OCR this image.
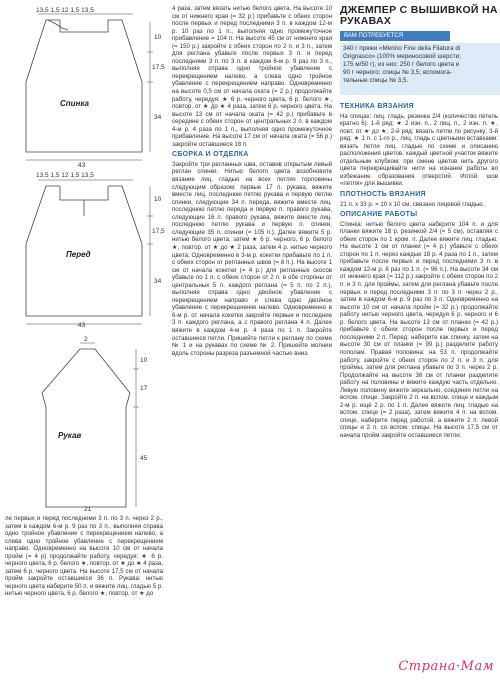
13,5 1,5 12 1,5 13,5
10
17,5
34
Спинка
43
13,5 1,5 12 1,5 13,5
10
17,5
34
Перед
43
2
10
17
45
Рукав
21

ле первых и перед последними 3 п. по 3 п. через 2 р., затем в каждом 6-м р. 9 раз по 3 п., выполняя справа одно тройное убавление с перекрещением налево, а слева одно тройное убавление с перекрещением направо. Одновременно на высоте 10 см от начала пройм (= 4 р) продолжайте работу, чередуя: ★ 6 р. черного цвета, 6 р. белого ★, повтор. от ★ до ★ 4 раза, затем 6 р. черного цвета. На высоте 17,5 см от начала пройм закройте оставшиеся 36 п. Рукава: нитью черного цвета наберите 50 п. и вяжите лиц. гладью 5 р. нитью черного цвета, 6 р. белого ★, повтор. от ★ до

4 раза, затем вязать нитью белого цвета. На высоте 10 см от нижнего края (= 32 р.) прибавьте с обеих сторон после первых и перед последними 3 п. в каждом 12-м р. 10 раз по 1 п., выполняя одно промежуточное прибавление = 104 п. На высоте 45 см от нижнего края (= 150 р.) закройте с обеих сторон по 2 п. и 3 п., затем для реглана убавьте после первых 3 п. и перед последними 3 п. по 3 п. в каждом 6-м р. 9 раз по 3 п., выполняя справа одно тройное убавление с перекрещением налево, а слева одно тройное убавление с перекрещением направо. Одновременно на высоте 0,5 см от начала оката (= 2 р.) продолжайте работу, чередуя: ★ 6 р. черного цвета, 6 р. белого ★, повтор. от ★ до ★ 4 раза, затем 6 р. черного цвета. На высоте 13 см от начала оката (= 42 р.) прибавьте в середине с обеих сторон от центральных 2 п. в каждом 4-м р. 4 раза по 1 п., выполняя одно промежуточное прибавление. На высоте 17 см от начала оката (= 56 р.) закройте оставшиеся 18 п.

СБОРКА И ОТДЕЛКА

Закройте три регланных шва, оставив открытым левый реглан спинки. Нитью белого цвета возобновите вязание лиц. гладью на всех петлях горловины следующим образом: первые 17 п. рукава, вяжите вместе лиц. последнюю петлю рукава и первую петлю спинки, следующие 34 п. переда, вяжите вместе лиц. последнюю петлю переда и первую п. правого рукава, следующие 16 п. правого рукава, вяжите вместе лиц. последнюю петлю рукава и первую п. спинки, следующие 35 п. спинки (= 105 п.). Далее вяжите 5 р. нитью белого цвета, затем ★ 6 р. черного, 6 р. белого ★, повтор. от ★ до ★ 2 раза, затем 4 р. нитью черного цвета. Одновременно в 3-м р. кокетки прибавьте по 1 п. с обеих сторон от регланных швов (= 8 п.). На высоте 1 см от начала кокетки (= 4 р.) для регланных скосов убавьте по 1 п. с обеих сторон от 2 п. в обе стороны от центральных 5 п. каждого реглана (= 5 п. по 2 п.), выполняя справа одно двойное убавление с перекрещением направо и слева одно двойное убавление с перекрещением налево. Одновременно в 6-м р. от начала кокетки закройте первые и последние 3 п. каждого реглана, а с правого реглана 4 п. Далее вяжите в каждом 4-м р. 4 раза по 1 п. Закройте оставшиеся петли. Пришейте петли к реглану по схеме № 1 и на рукавах по схеме № 2. Пришейте молнии вдоль стороны разреза разъемной частью вниз.

ДЖЕМПЕР С ВЫШИВКОЙ НА РУКАВАХ
ВАМ ПОТРЕБУЕТСЯ
340 г пряжи «Merino Fine della Filatura di
Grignasco» (100% мериносовой шерсти;
175 м/50 г), из них: 250 г белого цвета и
90 г черного; спицы № 3,5; вспомога-
тельные спицы № 3,5.
ТЕХНИКА ВЯЗАНИЯ

На спицах: лиц. гладь, резинка 2/4 (количество петель кратно 6): 1-й ряд: ★ 2 изн. п., 2 лиц. п., 2 изн. п. ★, повт. от ★ до ★; 2-й ряд: вязать петли по рисунку; 3-й ряд: ★ 1 п. с 1-го р., лиц. гладь с цветными вставками: вязать петли лиц. гладью по схеме и описанию расположения цветов, каждый цветной участок вяжите отдельным клубком; при смене цветов нить другого цвета перекрещивайте нити на изнанке работы во избежание образования отверстий. Иглой: шов «петля» для вышивки.

ПЛОТНОСТЬ ВЯЗАНИЯ

21 п. х 33 р. = 10 х 10 см, связано лицевой гладью.

ОПИСАНИЕ РАБОТЫ

Спинка: нитью белого цвета наберите 104 п. и для планки вяжите 18 р. резинкой 2/4 (= 5 см), оставляя с обеих сторон по 1 кром. п. Далее вяжите лиц. гладью. На высоте 1 см от планки (= 4 р.) убавьте с обеих сторон по 1 п. через каждые 18 р. 4 раза по 1 п., затем прибавьте после первых и перед последними 3 п. в каждом 12-м р. 6 раз по 1 п. (= 96 п.). На высоте 34 см от нижнего края (= 112 р.) закройте с обеих сторон по 2 п. и 3 п. для проймы, затем для реглана убавьте после первых и перед последними 3 п. по 3 п. через 2 р., затем в каждом 6-м р. 9 раз по 3 п. Одновременно на высоте 10 см от начала пройм (= 32 р.) продолжайте работу нитью черного цвета, чередуя 6 р. черного и 6 р. белого цвета. На высоте 13 см от планки (= 42 р.) прибавьте с обеих сторон после первых и перед последними 2 п. Перед: наберите как спинку, затем на высоте 30 см от планки (= 99 р.) разделите работу пополам. Правая половина: на 53 п. продолжайте работу, закройте с обеих сторон по 2 п. и 3 п. для проймы, затем для реглана убавьте по 3 п. через 2 р. Продолжайте на высоте 38 см от планки разделите работу на половины и вяжите каждую часть отдельно. Левую половину вяжите зеркально, соединяя петли на вспом. спице. Закройте 2 п. на вспом. спице и каждым 2-м р. ещё 2 р. по 1 п. Далее вяжите лиц. гладью на вспом. спице (= 2 раза), затем вяжите 4 п. на вспом. спице, наберите перед работой, а вяжите 2 п. левой спицы и 2 п. со вспом. спицы. На высоте 17,5 см от начала пройм закройте оставшиеся петли.

Страна·Мам
